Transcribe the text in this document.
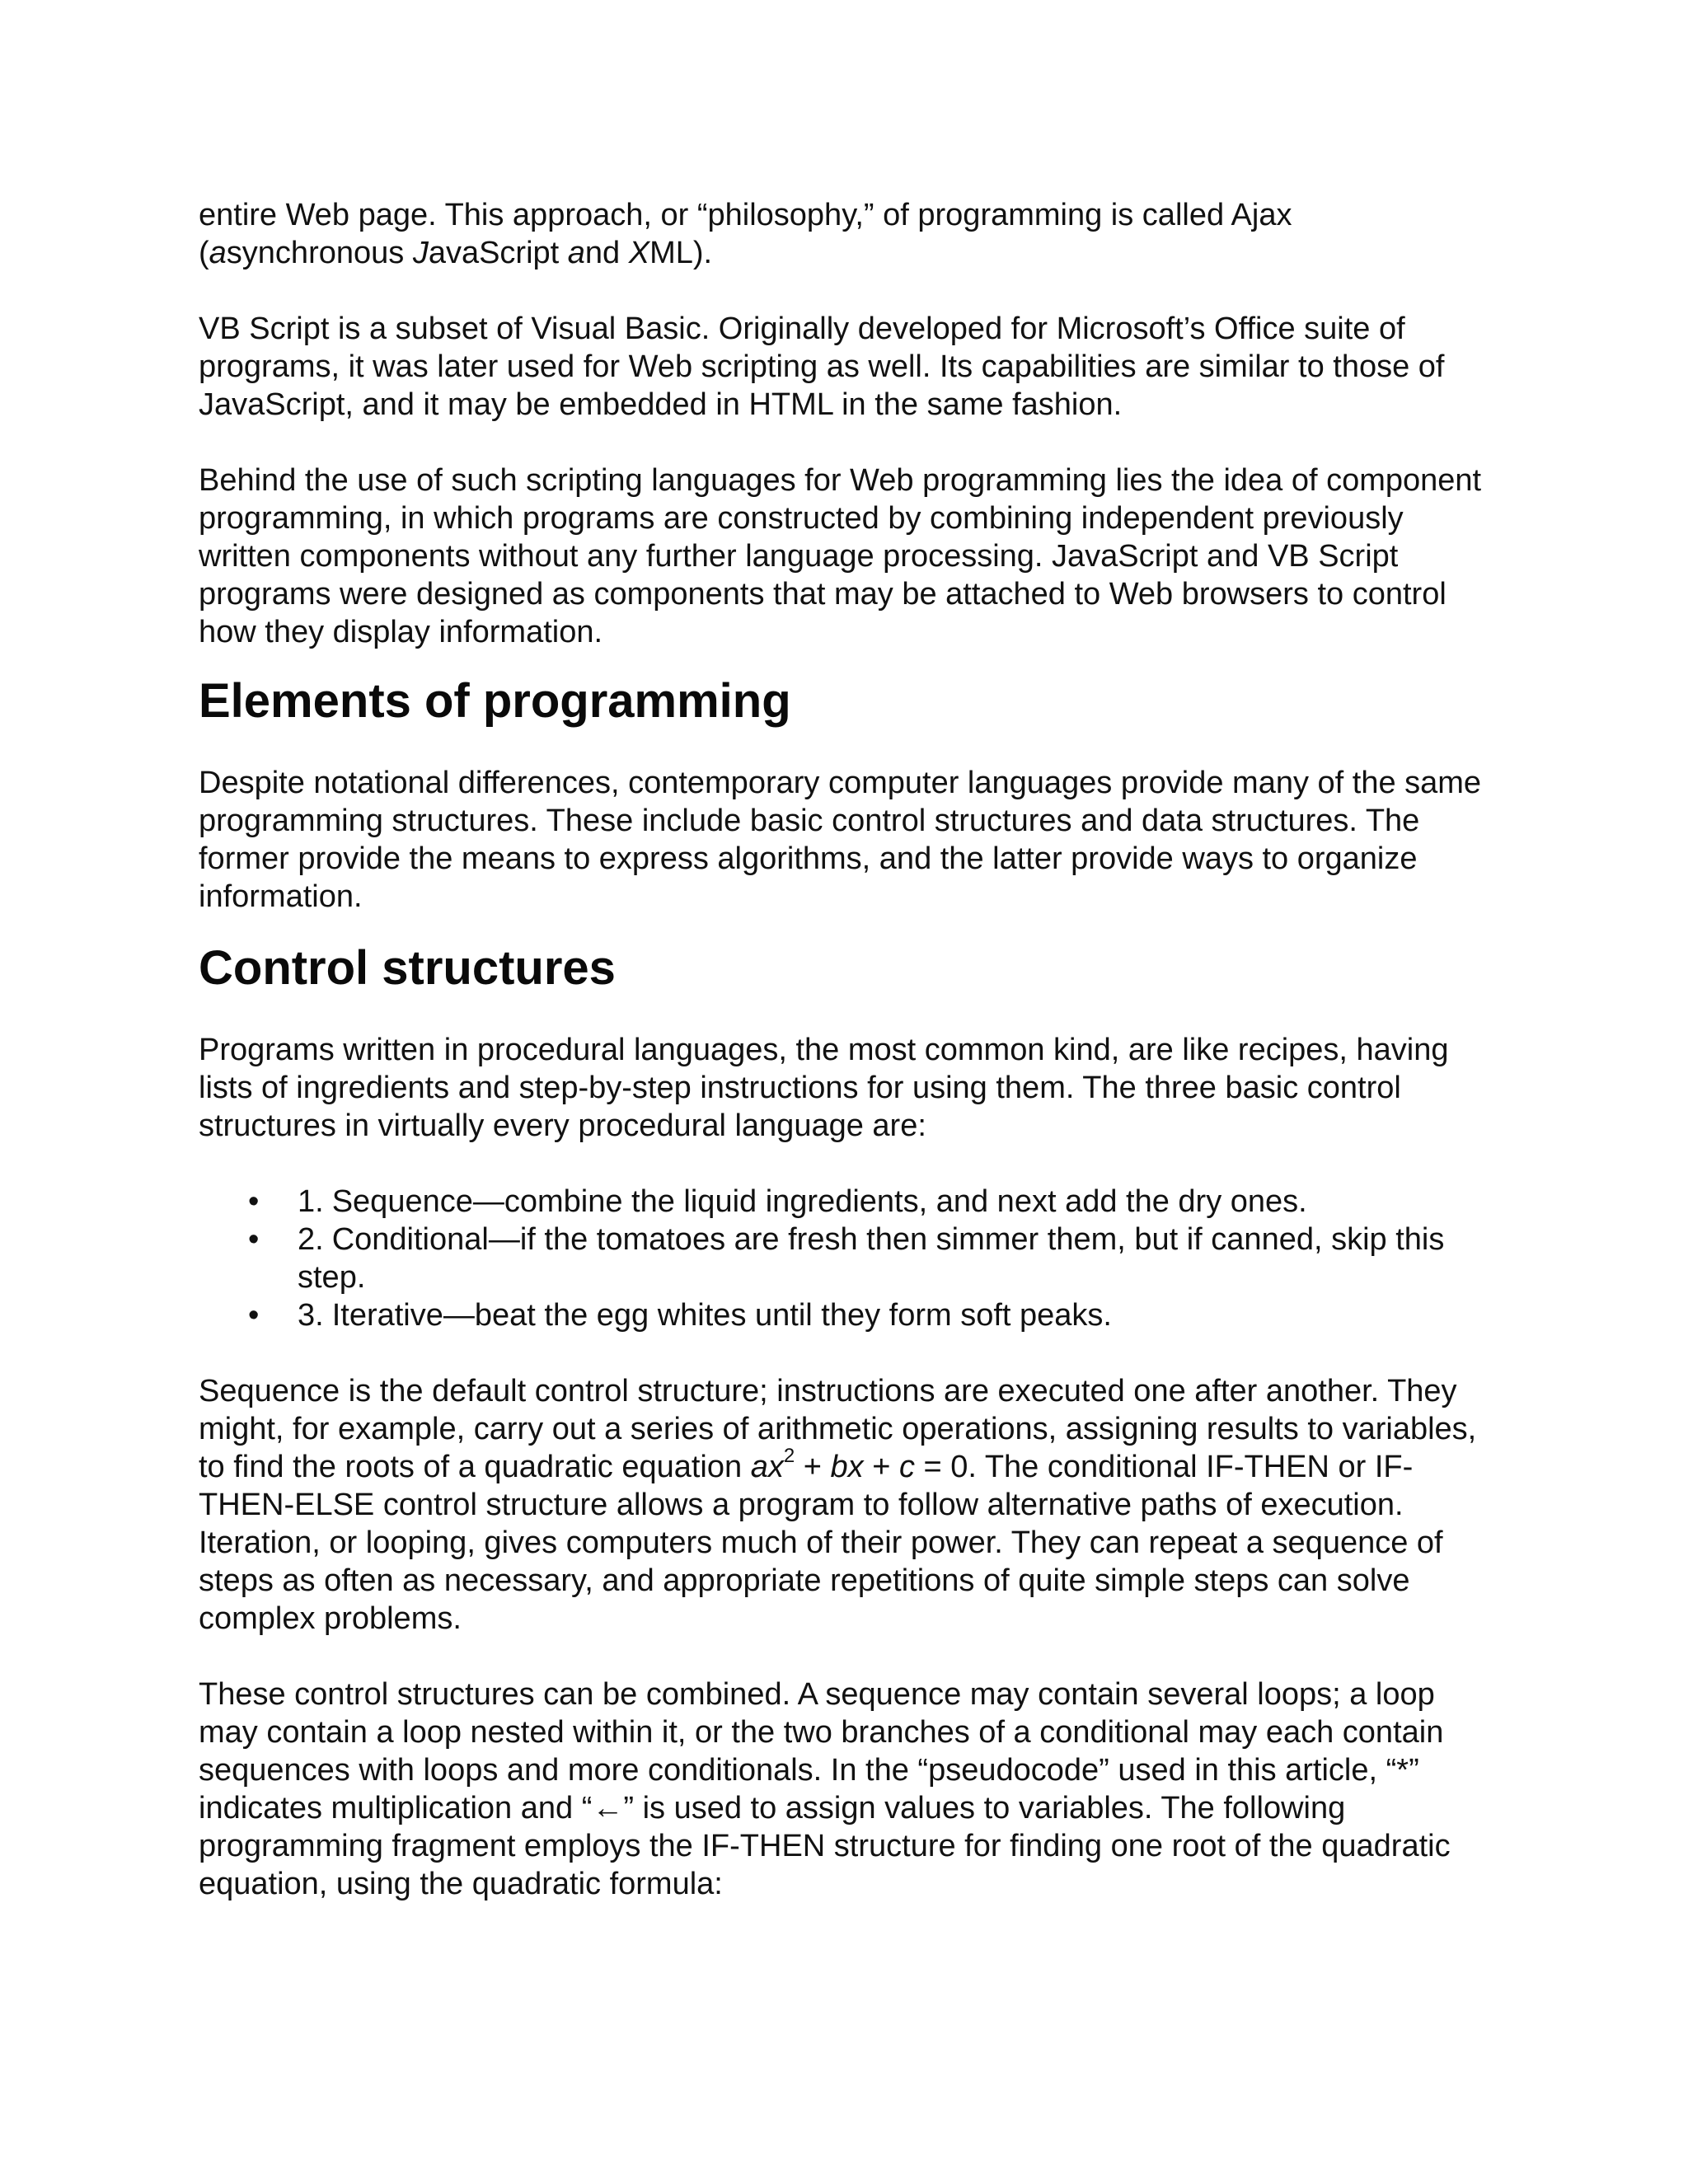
entire Web page. This approach, or “philosophy,” of programming is called Ajax (asynchronous JavaScript and XML).

VB Script is a subset of Visual Basic. Originally developed for Microsoft’s Office suite of programs, it was later used for Web scripting as well. Its capabilities are similar to those of JavaScript, and it may be embedded in HTML in the same fashion.

Behind the use of such scripting languages for Web programming lies the idea of component programming, in which programs are constructed by combining independent previously written components without any further language processing. JavaScript and VB Script programs were designed as components that may be attached to Web browsers to control how they display information.

Elements of programming

Despite notational differences, contemporary computer languages provide many of the same programming structures. These include basic control structures and data structures. The former provide the means to express algorithms, and the latter provide ways to organize information.

Control structures

Programs written in procedural languages, the most common kind, are like recipes, having lists of ingredients and step-by-step instructions for using them. The three basic control structures in virtually every procedural language are:

• 1. Sequence—combine the liquid ingredients, and next add the dry ones.
• 2. Conditional—if the tomatoes are fresh then simmer them, but if canned, skip this step.
• 3. Iterative—beat the egg whites until they form soft peaks.

Sequence is the default control structure; instructions are executed one after another. They might, for example, carry out a series of arithmetic operations, assigning results to variables, to find the roots of a quadratic equation $ax^2$ + bx + c = 0. The conditional IF-THEN or IF-THEN-ELSE control structure allows a program to follow alternative paths of execution. Iteration, or looping, gives computers much of their power. They can repeat a sequence of steps as often as necessary, and appropriate repetitions of quite simple steps can solve complex problems.

These control structures can be combined. A sequence may contain several loops; a loop may contain a loop nested within it, or the two branches of a conditional may each contain sequences with loops and more conditionals. In the “pseudocode” used in this article, “*” indicates multiplication and “←” is used to assign values to variables. The following programming fragment employs the IF-THEN structure for finding one root of the quadratic equation, using the quadratic formula:
